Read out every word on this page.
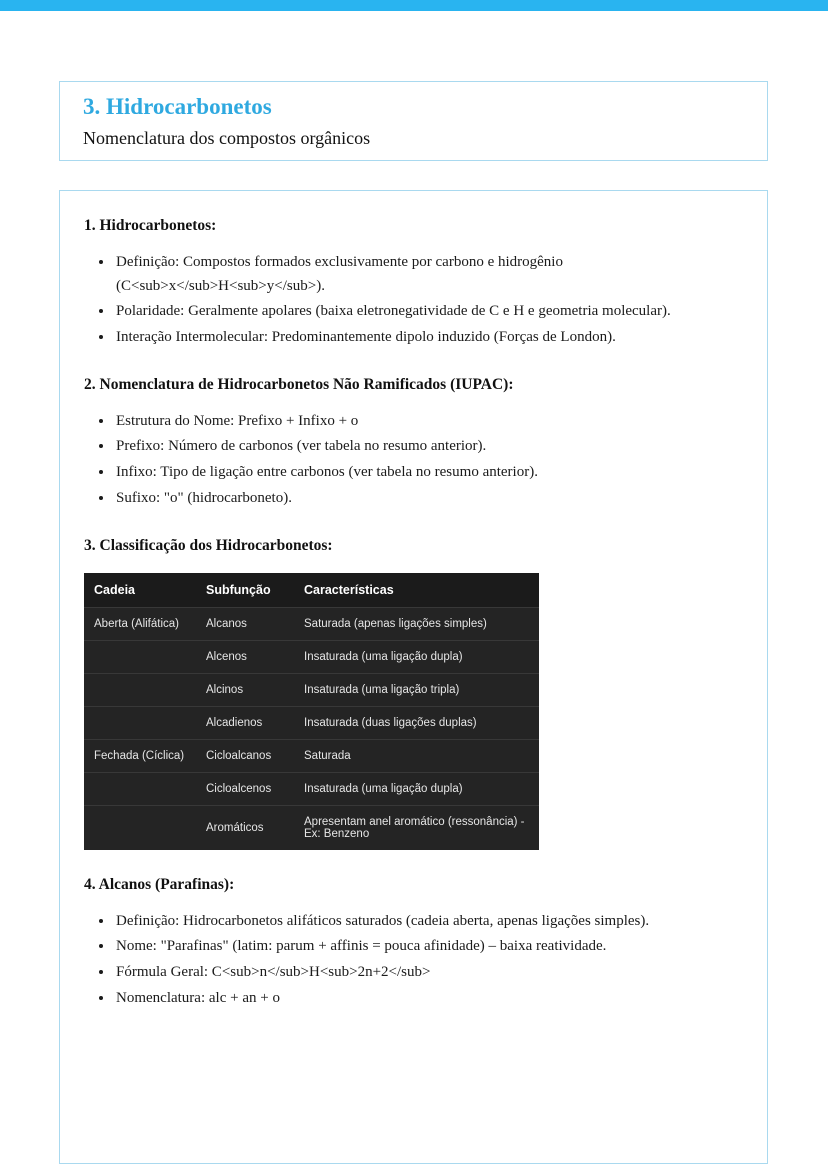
3. Hidrocarbonetos

Nomenclatura dos compostos orgânicos

1. Hidrocarbonetos:
• Definição: Compostos formados exclusivamente por carbono e hidrogênio (C<sub>x</sub>H<sub>y</sub>).
• Polaridade: Geralmente apolares (baixa eletronegatividade de C e H e geometria molecular).
• Interação Intermolecular: Predominantemente dipolo induzido (Forças de London).
2. Nomenclatura de Hidrocarbonetos Não Ramificados (IUPAC):
• Estrutura do Nome: Prefixo + Infixo + o
• Prefixo: Número de carbonos (ver tabela no resumo anterior).
• Infixo: Tipo de ligação entre carbonos (ver tabela no resumo anterior).
• Sufixo: "o" (hidrocarboneto).
3. Classificação dos Hidrocarbonetos:
Cadeia	Subfunção	Características
Aberta (Alifática)	Alcanos	Saturada (apenas ligações simples)
	Alcenos	Insaturada (uma ligação dupla)
	Alcinos	Insaturada (uma ligação tripla)
	Alcadienos	Insaturada (duas ligações duplas)
Fechada (Cíclica)	Cicloalcanos	Saturada
	Cicloalcenos	Insaturada (uma ligação dupla)
	Aromáticos	Apresentam anel aromático (ressonância) - Ex: Benzeno
4. Alcanos (Parafinas):
• Definição: Hidrocarbonetos alifáticos saturados (cadeia aberta, apenas ligações simples).
• Nome: "Parafinas" (latim: parum + affinis = pouca afinidade) – baixa reatividade.
• Fórmula Geral: C<sub>n</sub>H<sub>2n+2</sub>
• Nomenclatura: alc + an + o
